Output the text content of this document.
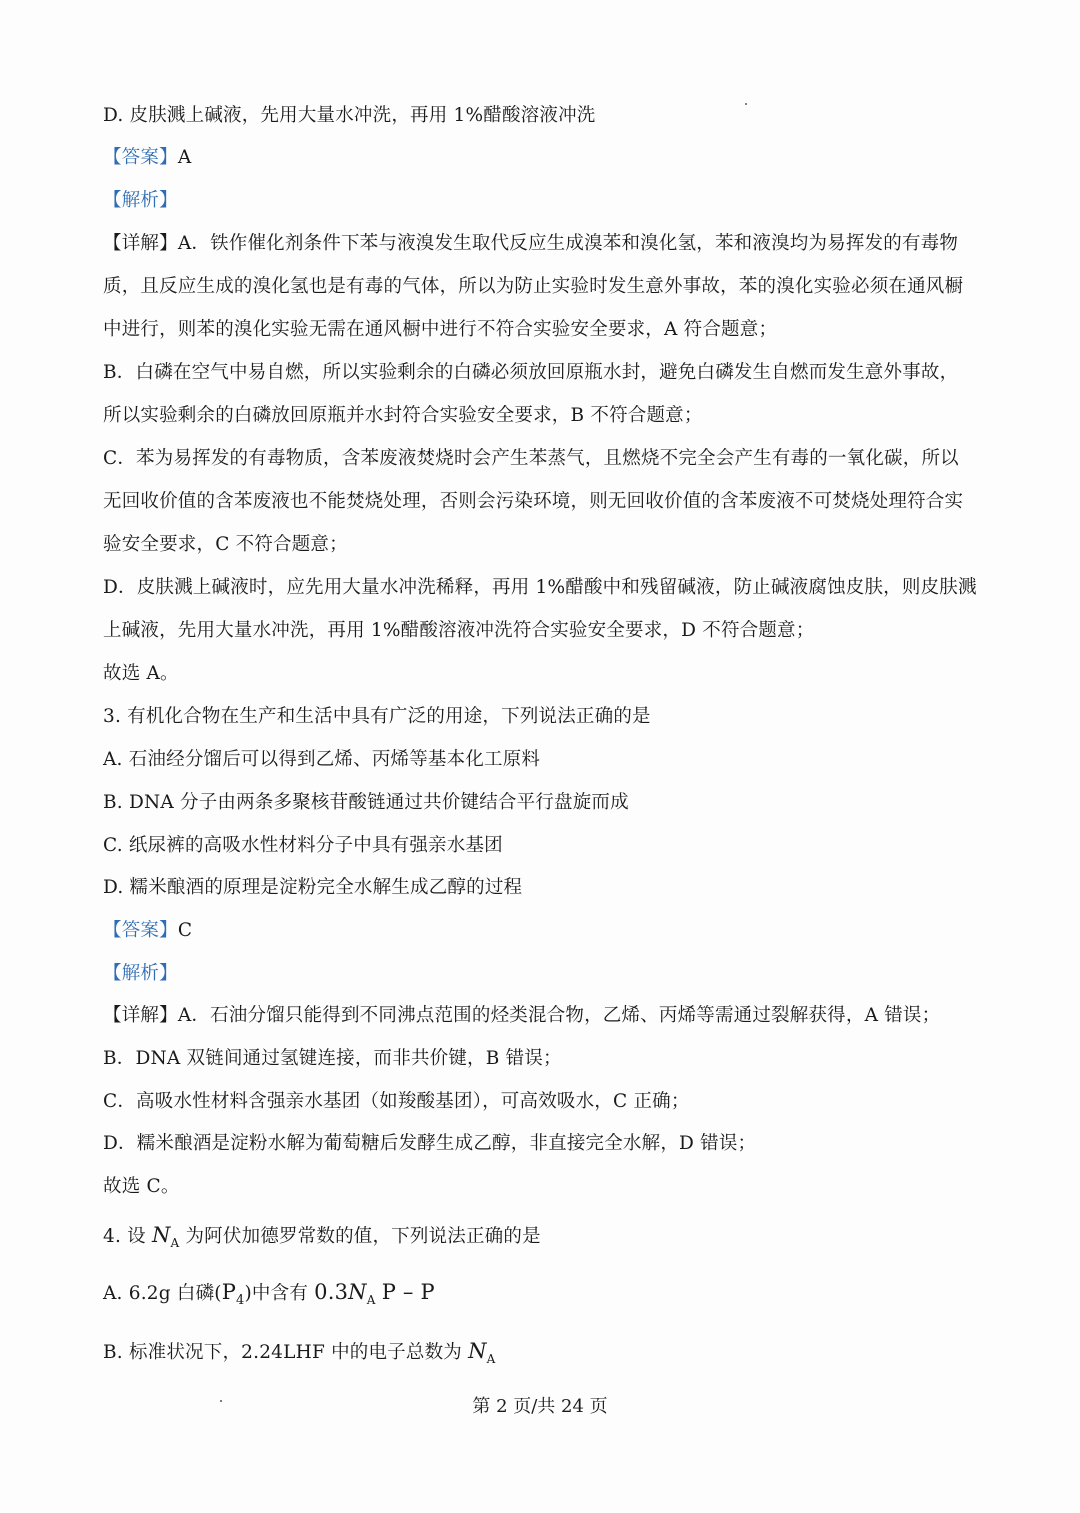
D. 皮肤溅上碱液，先用大量水冲洗，再用 1%醋酸溶液冲洗
【答案】A
【解析】
【详解】A．铁作催化剂条件下苯与液溴发生取代反应生成溴苯和溴化氢，苯和液溴均为易挥发的有毒物
质，且反应生成的溴化氢也是有毒的气体，所以为防止实验时发生意外事故，苯的溴化实验必须在通风橱
中进行，则苯的溴化实验无需在通风橱中进行不符合实验安全要求，A 符合题意；
B．白磷在空气中易自燃，所以实验剩余的白磷必须放回原瓶水封，避免白磷发生自燃而发生意外事故，
所以实验剩余的白磷放回原瓶并水封符合实验安全要求，B 不符合题意；
C．苯为易挥发的有毒物质，含苯废液焚烧时会产生苯蒸气，且燃烧不完全会产生有毒的一氧化碳，所以
无回收价值的含苯废液也不能焚烧处理，否则会污染环境，则无回收价值的含苯废液不可焚烧处理符合实
验安全要求，C 不符合题意；
D．皮肤溅上碱液时，应先用大量水冲洗稀释，再用 1%醋酸中和残留碱液，防止碱液腐蚀皮肤，则皮肤溅
上碱液，先用大量水冲洗，再用 1%醋酸溶液冲洗符合实验安全要求，D 不符合题意；
故选 A。
3. 有机化合物在生产和生活中具有广泛的用途，下列说法正确的是
A. 石油经分馏后可以得到乙烯、丙烯等基本化工原料
B. DNA 分子由两条多聚核苷酸链通过共价键结合平行盘旋而成
C. 纸尿裤的高吸水性材料分子中具有强亲水基团
D. 糯米酿酒的原理是淀粉完全水解生成乙醇的过程
【答案】C
【解析】
【详解】A．石油分馏只能得到不同沸点范围的烃类混合物，乙烯、丙烯等需通过裂解获得，A 错误；
B．DNA 双链间通过氢键连接，而非共价键，B 错误；
C．高吸水性材料含强亲水基团（如羧酸基团），可高效吸水，C 正确；
D．糯米酿酒是淀粉水解为葡萄糖后发酵生成乙醇，非直接完全水解，D 错误；
故选 C。
4. 设 $N_A$ 为阿伏加德罗常数的值，下列说法正确的是
A. 6.2g 白磷$(P_4)$中含有 $0.3N_A$ P – P
B. 标准状况下，2.24LHF 中的电子总数为 $N_A$
第 2 页/共 24 页
